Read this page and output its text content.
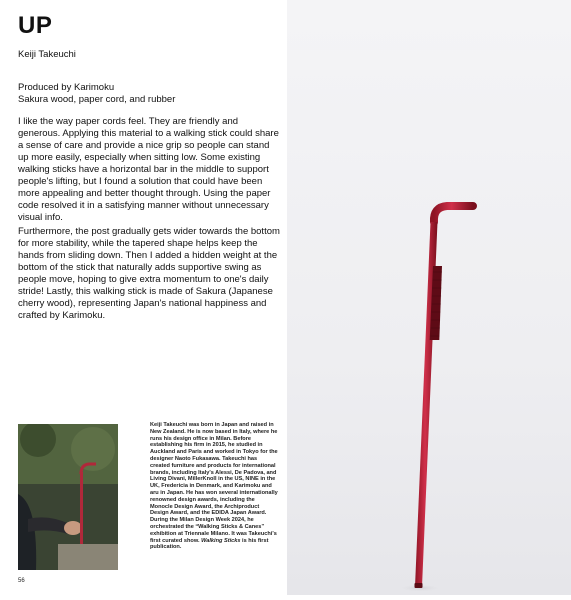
UP
Keiji Takeuchi
Produced by Karimoku
Sakura wood, paper cord, and rubber
I like the way paper cords feel. They are friendly and generous. Applying this material to a walking stick could share a sense of care and provide a nice grip so people can stand up more easily, especially when sitting low. Some existing walking sticks have a horizontal bar in the middle to support people's lifting, but I found a solution that could have been more appealing and better thought through. Using the paper code resolved it in a satisfying manner without unnecessary visual info.
Furthermore, the post gradually gets wider towards the bottom for more stability, while the tapered shape helps keep the hands from sliding down. Then I added a hidden weight at the bottom of the stick that naturally adds supportive swing as people move, hoping to give extra momentum to one's daily stride! Lastly, this walking stick is made of Sakura (Japanese cherry wood), representing Japan's national happiness and crafted by Karimoku.
Keiji Takeuchi was born in Japan and raised in New Zealand. He is now based in Italy, where he runs his design office in Milan. Before establishing his firm in 2015, he studied in Auckland and Paris and worked in Tokyo for the designer Naoto Fukasawa. Takeuchi has created furniture and products for international brands, including Italy's Alessi, De Padova, and Living Divani, MillerKnoll in the US, NINE in the UK, Fredericia in Denmark, and Karimoku and aru in Japan. He has won several internationally renowned design awards, including the Monocle Design Award, the Archiproduct Design Award, and the EDIDA Japan Award. During the Milan Design Week 2024, he orchestrated the “Walking Sticks & Canes” exhibition at Triennale Milano. It was Takeuchi's first curated show. Walking Sticks is his first publication.
56
